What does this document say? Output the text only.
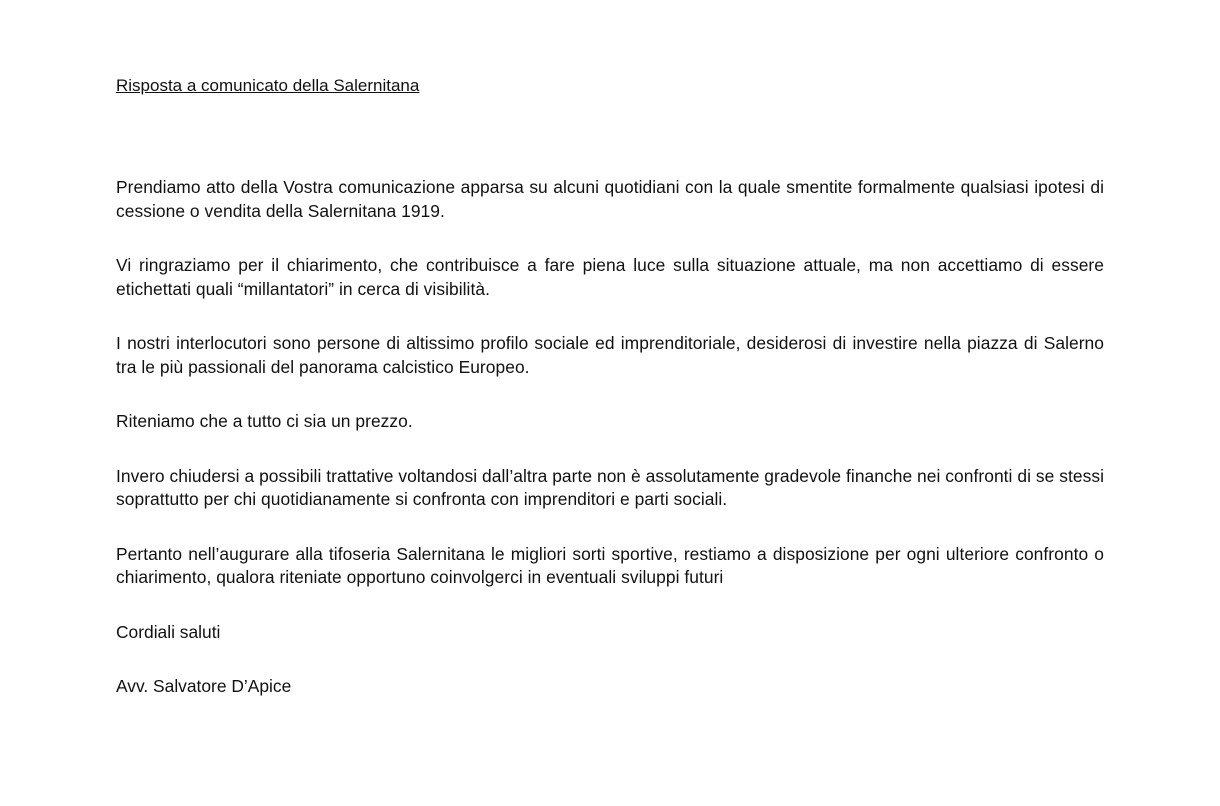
Risposta a comunicato della Salernitana

Prendiamo atto della Vostra comunicazione apparsa su alcuni quotidiani con la quale smentite formalmente qualsiasi ipotesi di cessione o vendita della Salernitana 1919.

Vi ringraziamo per il chiarimento, che contribuisce a fare piena luce sulla situazione attuale, ma non accettiamo di essere etichettati quali “millantatori” in cerca di visibilità.

I nostri interlocutori sono persone di altissimo profilo sociale ed imprenditoriale, desiderosi di investire nella piazza di Salerno tra le più passionali del panorama calcistico Europeo.

Riteniamo che a tutto ci sia un prezzo.

Invero chiudersi a possibili trattative voltandosi dall’altra parte non è assolutamente gradevole finanche nei confronti di se stessi soprattutto per chi quotidianamente si confronta con imprenditori e parti sociali.

Pertanto nell’augurare alla tifoseria Salernitana le migliori sorti sportive, restiamo a disposizione per ogni ulteriore confronto o chiarimento, qualora riteniate opportuno coinvolgerci in eventuali sviluppi futuri

Cordiali saluti

Avv. Salvatore D’Apice
